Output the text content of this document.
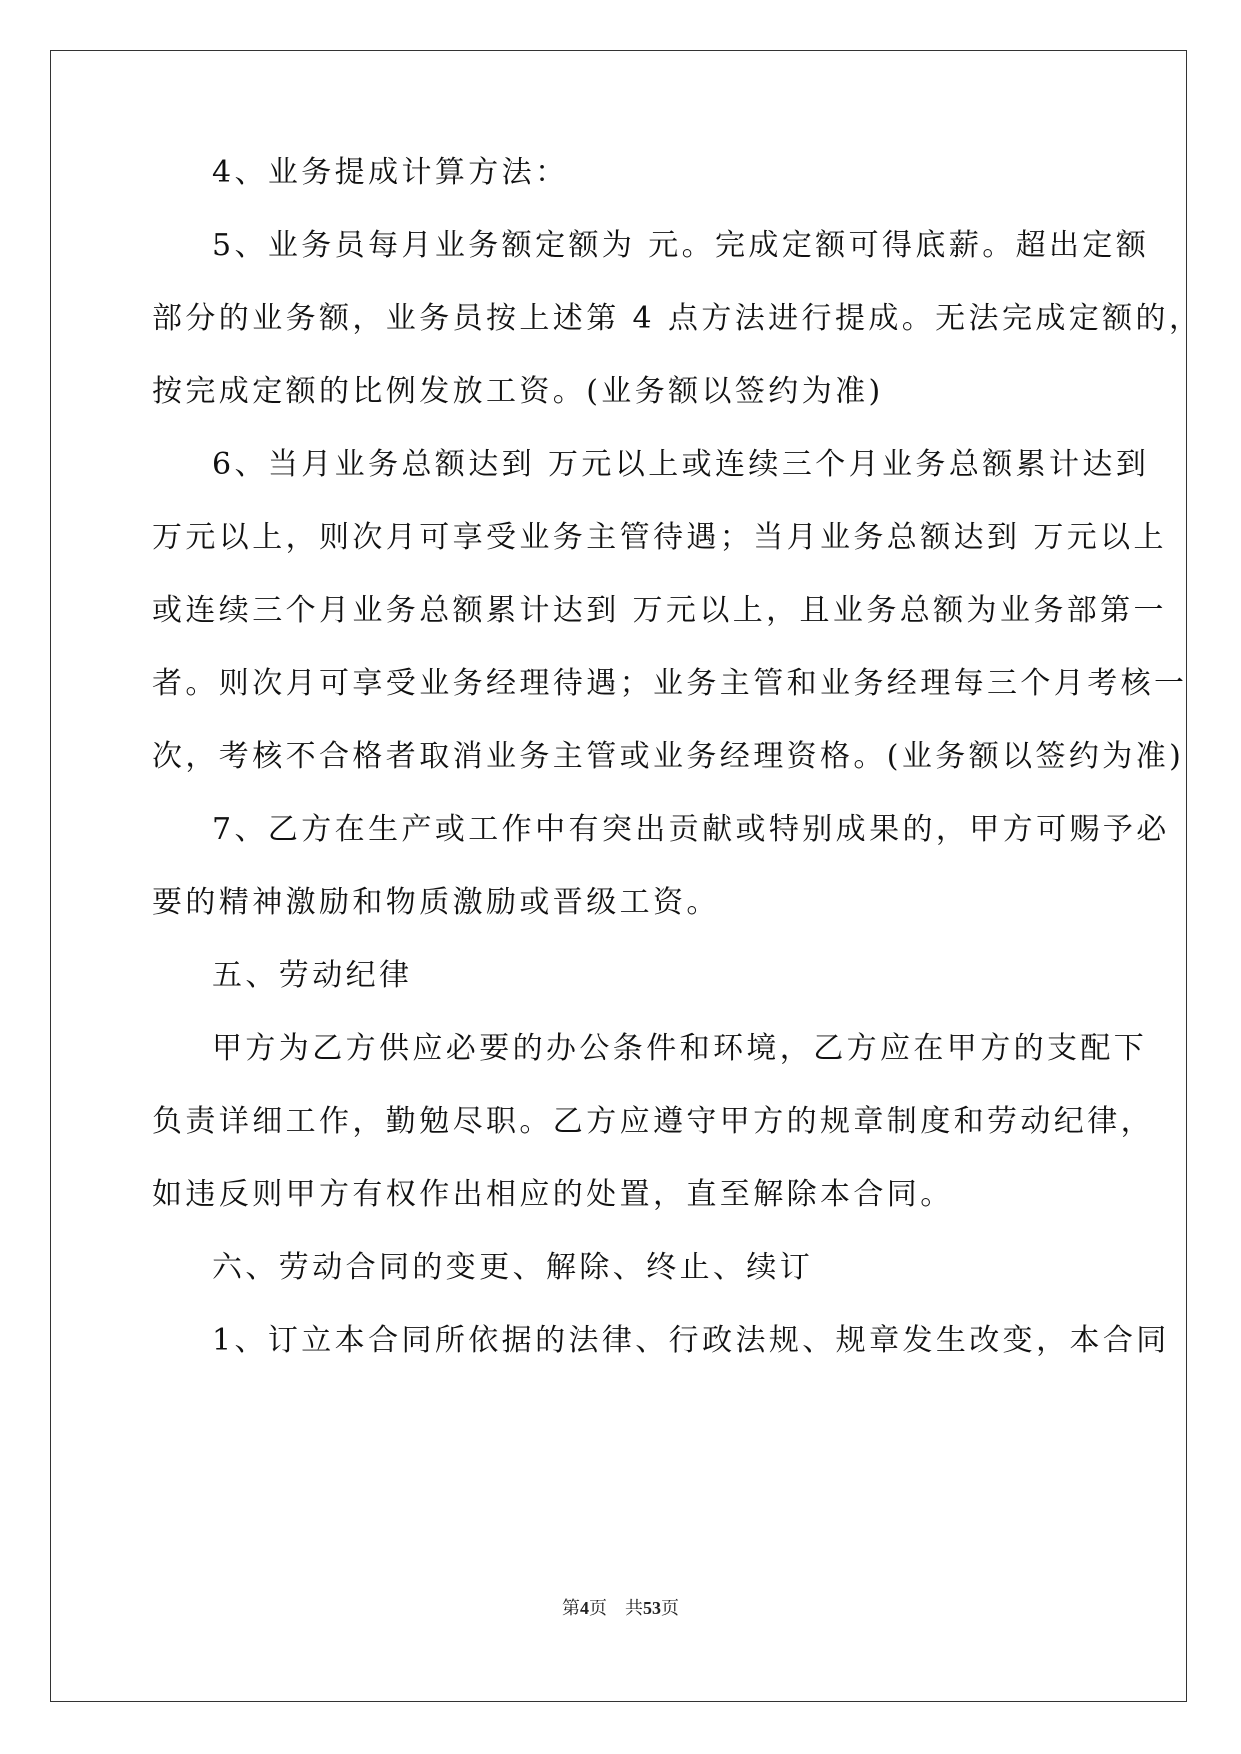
4、业务提成计算方法：
5、业务员每月业务额定额为 元。完成定额可得底薪。超出定额
部分的业务额，业务员按上述第 4 点方法进行提成。无法完成定额的，
按完成定额的比例发放工资。(业务额以签约为准)
6、当月业务总额达到 万元以上或连续三个月业务总额累计达到
万元以上，则次月可享受业务主管待遇；当月业务总额达到 万元以上
或连续三个月业务总额累计达到 万元以上，且业务总额为业务部第一
者。则次月可享受业务经理待遇；业务主管和业务经理每三个月考核一
次，考核不合格者取消业务主管或业务经理资格。(业务额以签约为准)
7、乙方在生产或工作中有突出贡献或特别成果的，甲方可赐予必
要的精神激励和物质激励或晋级工资。
五、劳动纪律
甲方为乙方供应必要的办公条件和环境，乙方应在甲方的支配下
负责详细工作，勤勉尽职。乙方应遵守甲方的规章制度和劳动纪律，
如违反则甲方有权作出相应的处置，直至解除本合同。
六、劳动合同的变更、解除、终止、续订
1、订立本合同所依据的法律、行政法规、规章发生改变，本合同
第4页 共53页
